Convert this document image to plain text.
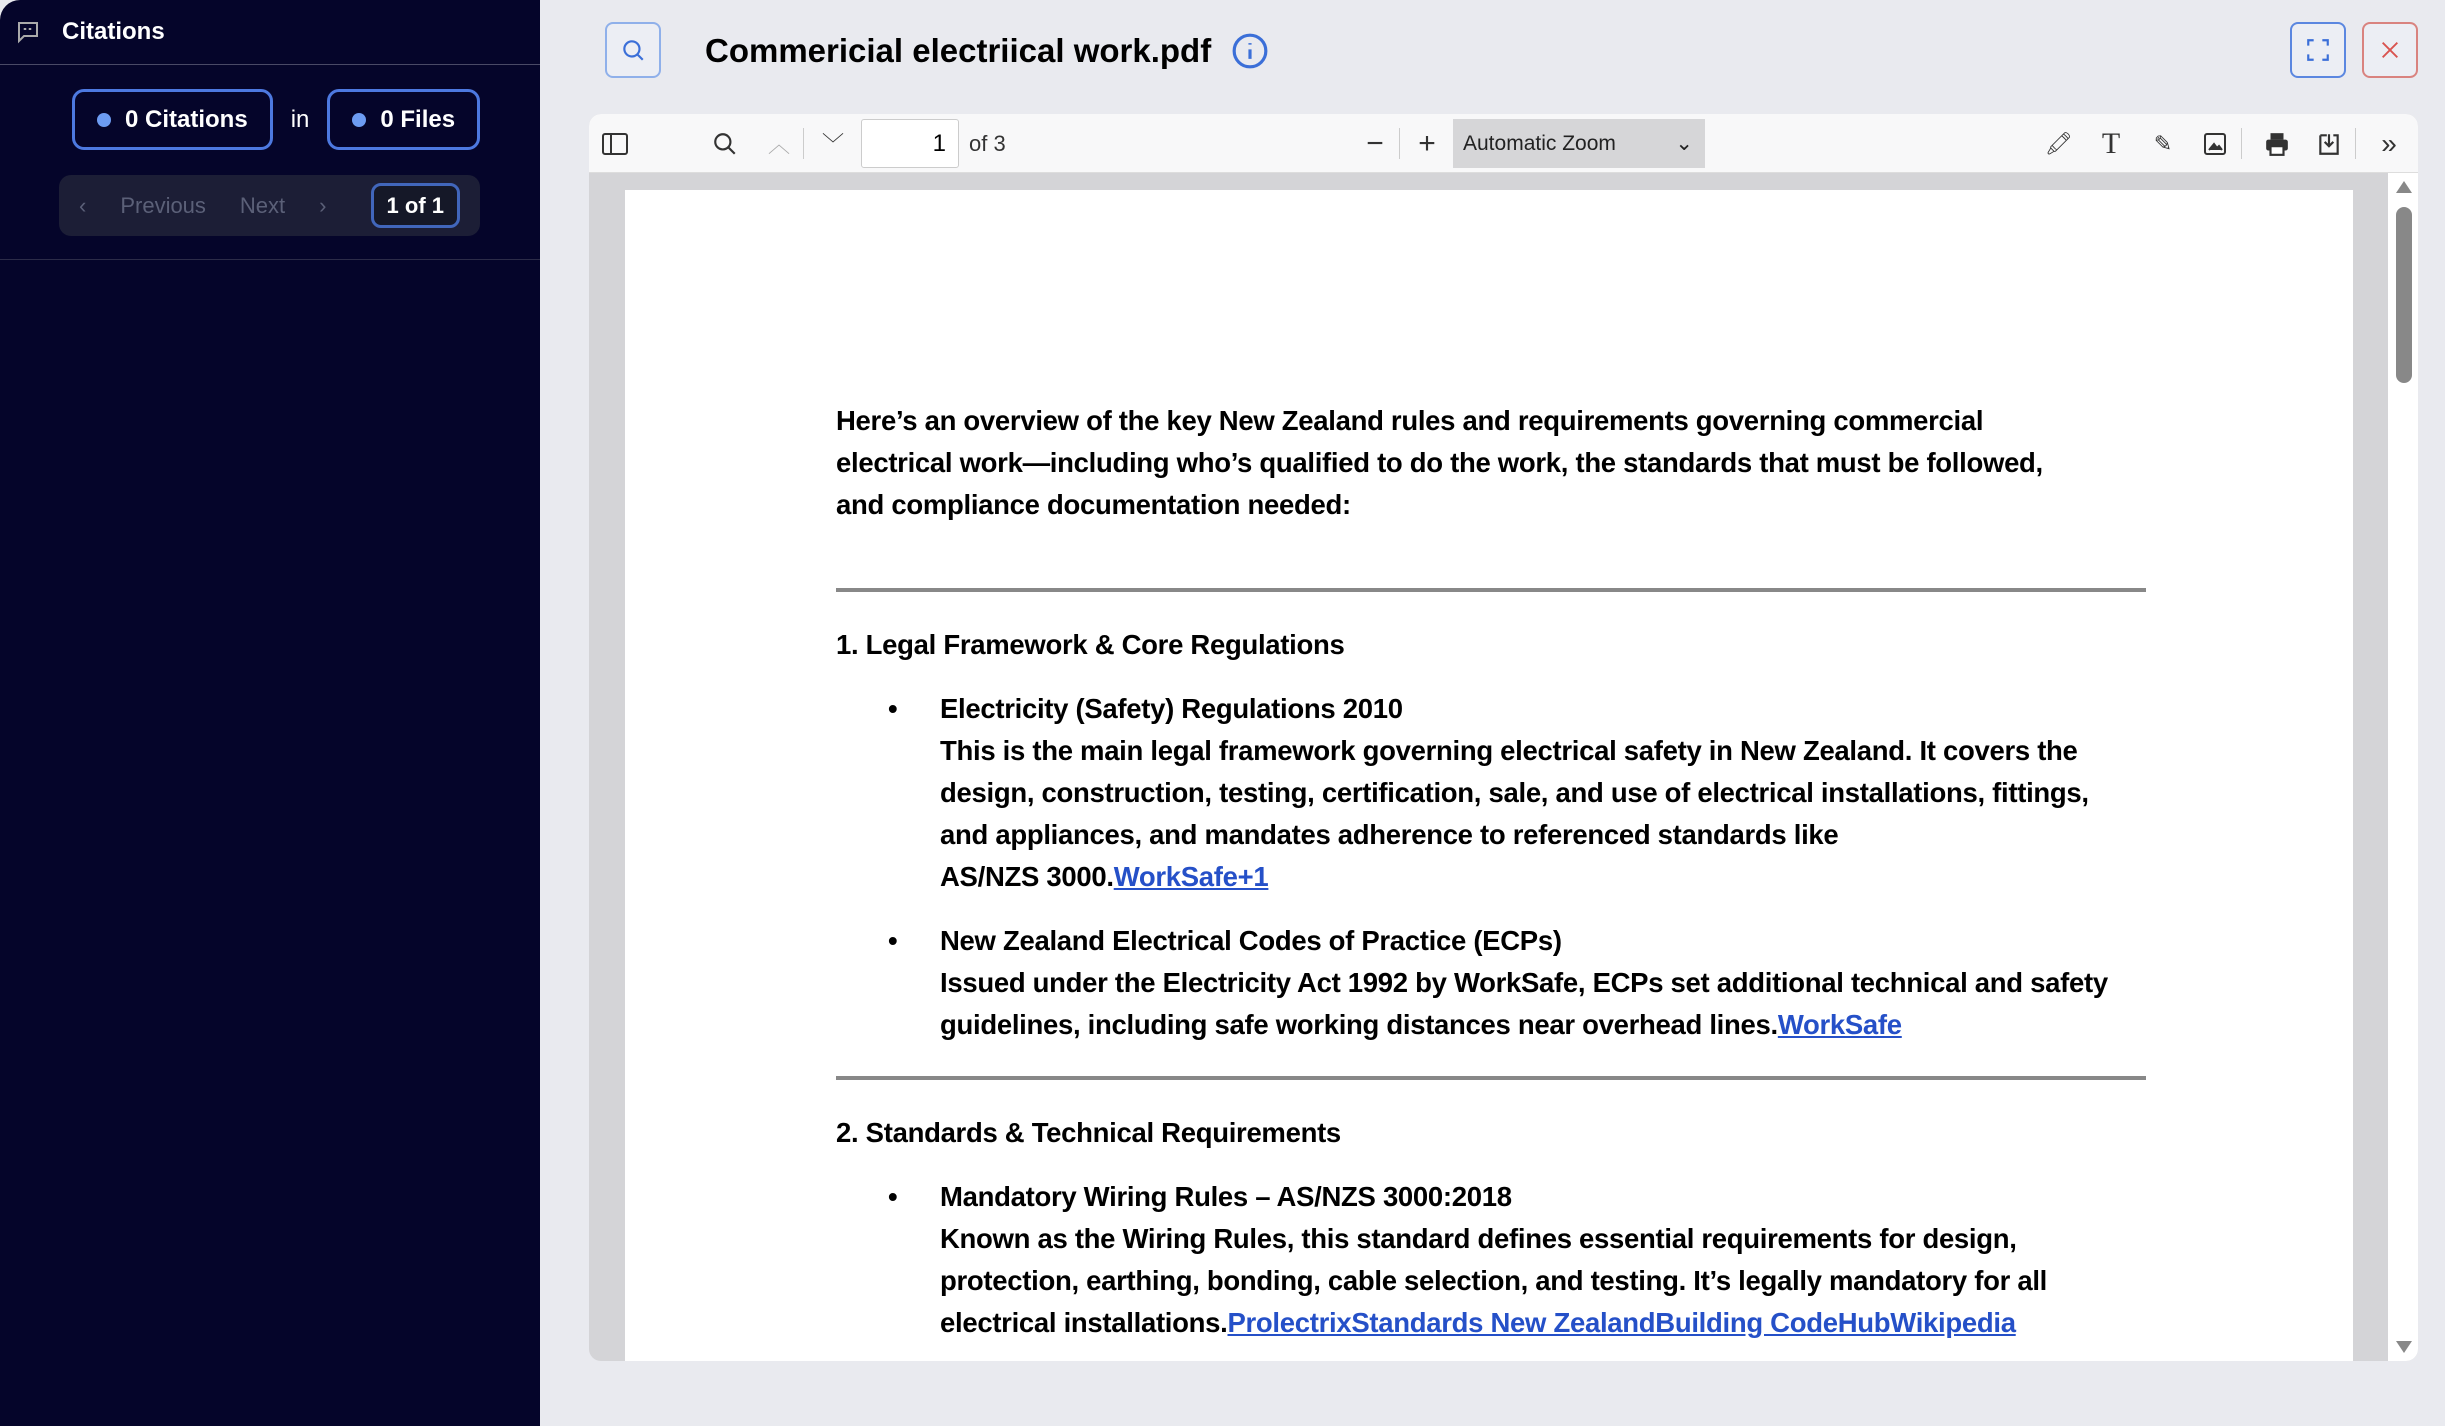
Citations
0 Citations in	0 Files
‹ Previous Next ›	1 of 1
Commericial electriical work.pdf
︿	﹀
1	of 3	−	+	Automatic Zoom	⌄	🖍 T	✎	»
Here’s an overview of the key New Zealand rules and requirements governing commercial
electrical work—including who’s qualified to do the work, the standards that must be followed,
and compliance documentation needed:
1. Legal Framework & Core Regulations
• Electricity (Safety) Regulations 2010
This is the main legal framework governing electrical safety in New Zealand. It covers the
design, construction, testing, certification, sale, and use of electrical installations, fittings,
and appliances, and mandates adherence to referenced standards like
AS/NZS 3000.WorkSafe+1
• New Zealand Electrical Codes of Practice (ECPs)
Issued under the Electricity Act 1992 by WorkSafe, ECPs set additional technical and safety
guidelines, including safe working distances near overhead lines.WorkSafe
2. Standards & Technical Requirements
• Mandatory Wiring Rules – AS/NZS 3000:2018
Known as the Wiring Rules, this standard defines essential requirements for design,
protection, earthing, bonding, cable selection, and testing. It’s legally mandatory for all
electrical installations.ProlectrixStandards New ZealandBuilding CodeHubWikipedia
